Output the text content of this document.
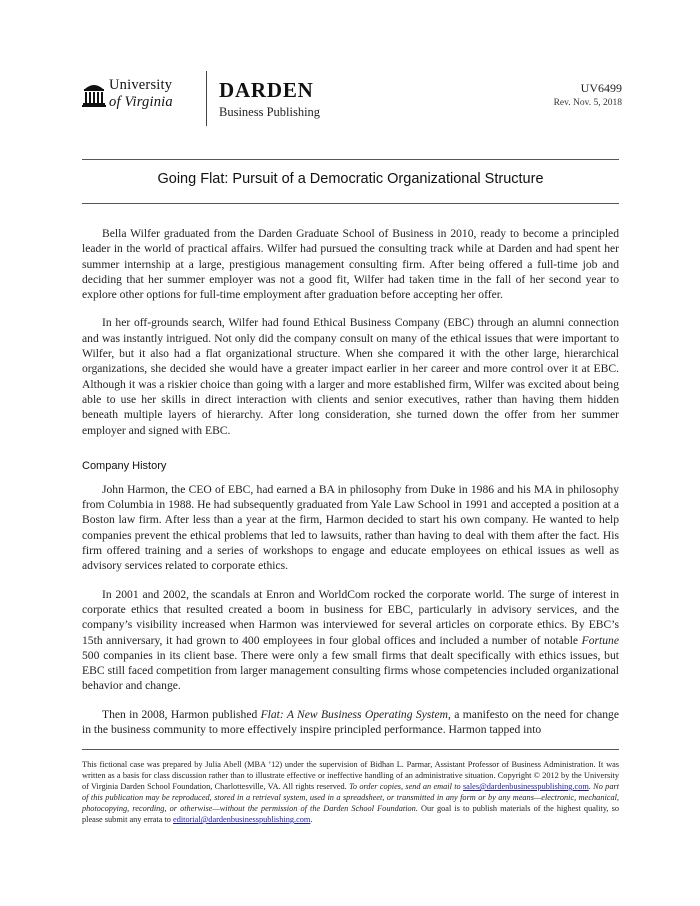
University
of Virginia DARDEN
Business Publishing
UV6499
Rev. Nov. 5, 2018
Going Flat: Pursuit of a Democratic Organizational Structure

Bella Wilfer graduated from the Darden Graduate School of Business in 2010, ready to become a principled leader in the world of practical affairs. Wilfer had pursued the consulting track while at Darden and had spent her summer internship at a large, prestigious management consulting firm. After being offered a full-time job and deciding that her summer employer was not a good fit, Wilfer had taken time in the fall of her second year to explore other options for full-time employment after graduation before accepting her offer.

In her off-grounds search, Wilfer had found Ethical Business Company (EBC) through an alumni connection and was instantly intrigued. Not only did the company consult on many of the ethical issues that were important to Wilfer, but it also had a flat organizational structure. When she compared it with the other large, hierarchical organizations, she decided she would have a greater impact earlier in her career and more control over it at EBC. Although it was a riskier choice than going with a larger and more established firm, Wilfer was excited about being able to use her skills in direct interaction with clients and senior executives, rather than having them hidden beneath multiple layers of hierarchy. After long consideration, she turned down the offer from her summer employer and signed with EBC.

Company History

John Harmon, the CEO of EBC, had earned a BA in philosophy from Duke in 1986 and his MA in philosophy from Columbia in 1988. He had subsequently graduated from Yale Law School in 1991 and accepted a position at a Boston law firm. After less than a year at the firm, Harmon decided to start his own company. He wanted to help companies prevent the ethical problems that led to lawsuits, rather than having to deal with them after the fact. His firm offered training and a series of workshops to engage and educate employees on ethical issues as well as advisory services related to corporate ethics.

In 2001 and 2002, the scandals at Enron and WorldCom rocked the corporate world. The surge of interest in corporate ethics that resulted created a boom in business for EBC, particularly in advisory services, and the company’s visibility increased when Harmon was interviewed for several articles on corporate ethics. By EBC’s 15th anniversary, it had grown to 400 employees in four global offices and included a number of notable Fortune 500 companies in its client base. There were only a few small firms that dealt specifically with ethics issues, but EBC still faced competition from larger management consulting firms whose competencies included organizational behavior and change.

Then in 2008, Harmon published Flat: A New Business Operating System, a manifesto on the need for change in the business community to more effectively inspire principled performance. Harmon tapped into

This fictional case was prepared by Julia Abell (MBA ’12) under the supervision of Bidhan L. Parmar, Assistant Professor of Business Administration. It was written as a basis for class discussion rather than to illustrate effective or ineffective handling of an administrative situation. Copyright © 2012 by the University of Virginia Darden School Foundation, Charlottesville, VA. All rights reserved. To order copies, send an email to sales@dardenbusinesspublishing.com. No part of this publication may be reproduced, stored in a retrieval system, used in a spreadsheet, or transmitted in any form or by any means—electronic, mechanical, photocopying, recording, or otherwise—without the permission of the Darden School Foundation. Our goal is to publish materials of the highest quality, so please submit any errata to editorial@dardenbusinesspublishing.com.
